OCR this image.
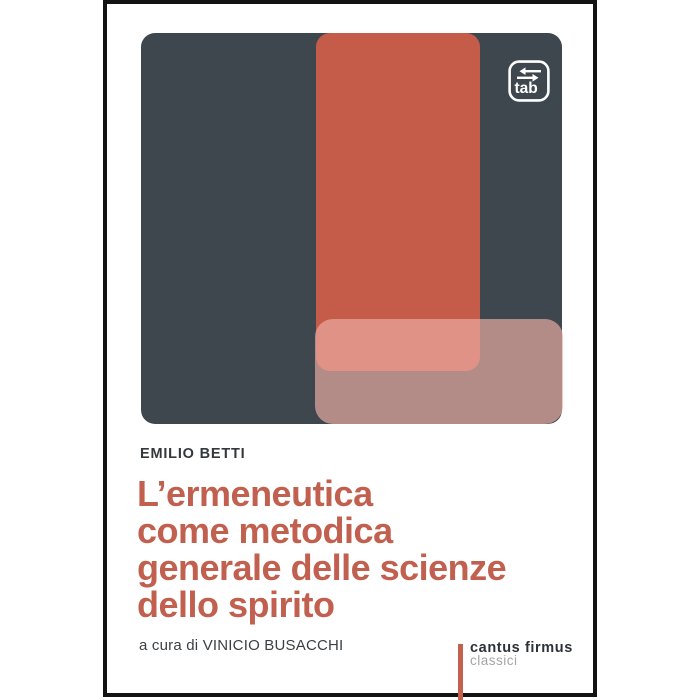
tab
EMILIO BETTI
L’ermeneutica
come metodica
generale delle scienze
dello spirito
a cura di VINICIO BUSACCHI	cantus firmus
classici
